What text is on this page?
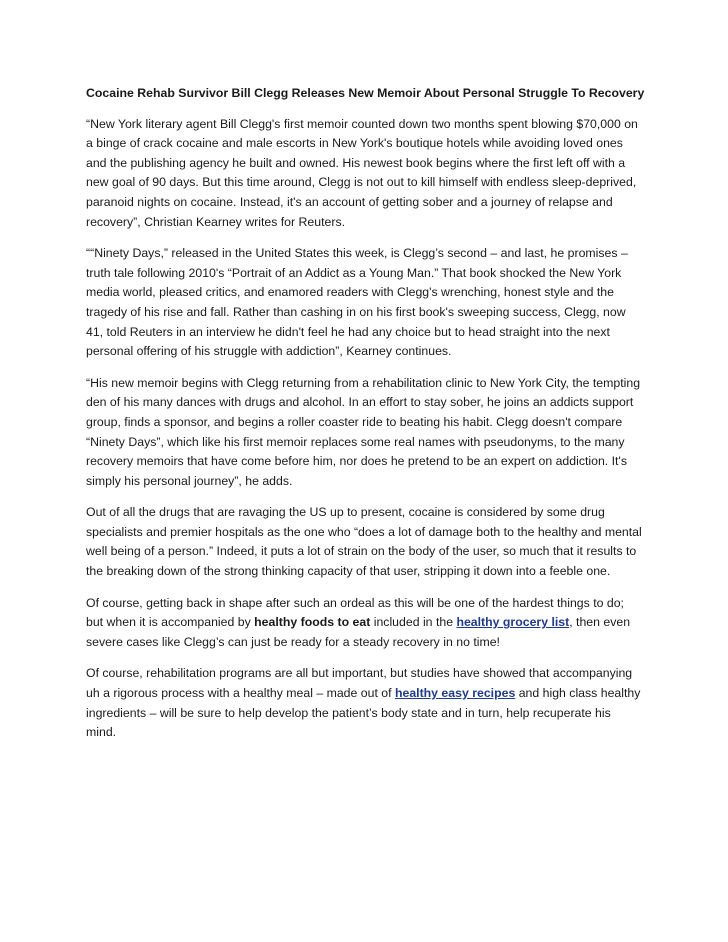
Cocaine Rehab Survivor Bill Clegg Releases New Memoir About Personal Struggle To Recovery

“New York literary agent Bill Clegg's first memoir counted down two months spent blowing $70,000 on a binge of crack cocaine and male escorts in New York's boutique hotels while avoiding loved ones and the publishing agency he built and owned. His newest book begins where the first left off with a new goal of 90 days. But this time around, Clegg is not out to kill himself with endless sleep-deprived, paranoid nights on cocaine. Instead, it's an account of getting sober and a journey of relapse and recovery”, Christian Kearney writes for Reuters.

““Ninety Days,” released in the United States this week, is Clegg’s second – and last, he promises – truth tale following 2010's “Portrait of an Addict as a Young Man.” That book shocked the New York media world, pleased critics, and enamored readers with Clegg's wrenching, honest style and the tragedy of his rise and fall. Rather than cashing in on his first book's sweeping success, Clegg, now 41, told Reuters in an interview he didn't feel he had any choice but to head straight into the next personal offering of his struggle with addiction”, Kearney continues.

“His new memoir begins with Clegg returning from a rehabilitation clinic to New York City, the tempting den of his many dances with drugs and alcohol. In an effort to stay sober, he joins an addicts support group, finds a sponsor, and begins a roller coaster ride to beating his habit. Clegg doesn't compare “Ninety Days”, which like his first memoir replaces some real names with pseudonyms, to the many recovery memoirs that have come before him, nor does he pretend to be an expert on addiction. It's simply his personal journey”, he adds.

Out of all the drugs that are ravaging the US up to present, cocaine is considered by some drug specialists and premier hospitals as the one who “does a lot of damage both to the healthy and mental well being of a person.” Indeed, it puts a lot of strain on the body of the user, so much that it results to the breaking down of the strong thinking capacity of that user, stripping it down into a feeble one.

Of course, getting back in shape after such an ordeal as this will be one of the hardest things to do; but when it is accompanied by healthy foods to eat included in the healthy grocery list, then even severe cases like Clegg’s can just be ready for a steady recovery in no time!

Of course, rehabilitation programs are all but important, but studies have showed that accompanying uh a rigorous process with a healthy meal – made out of healthy easy recipes and high class healthy ingredients – will be sure to help develop the patient’s body state and in turn, help recuperate his mind.
